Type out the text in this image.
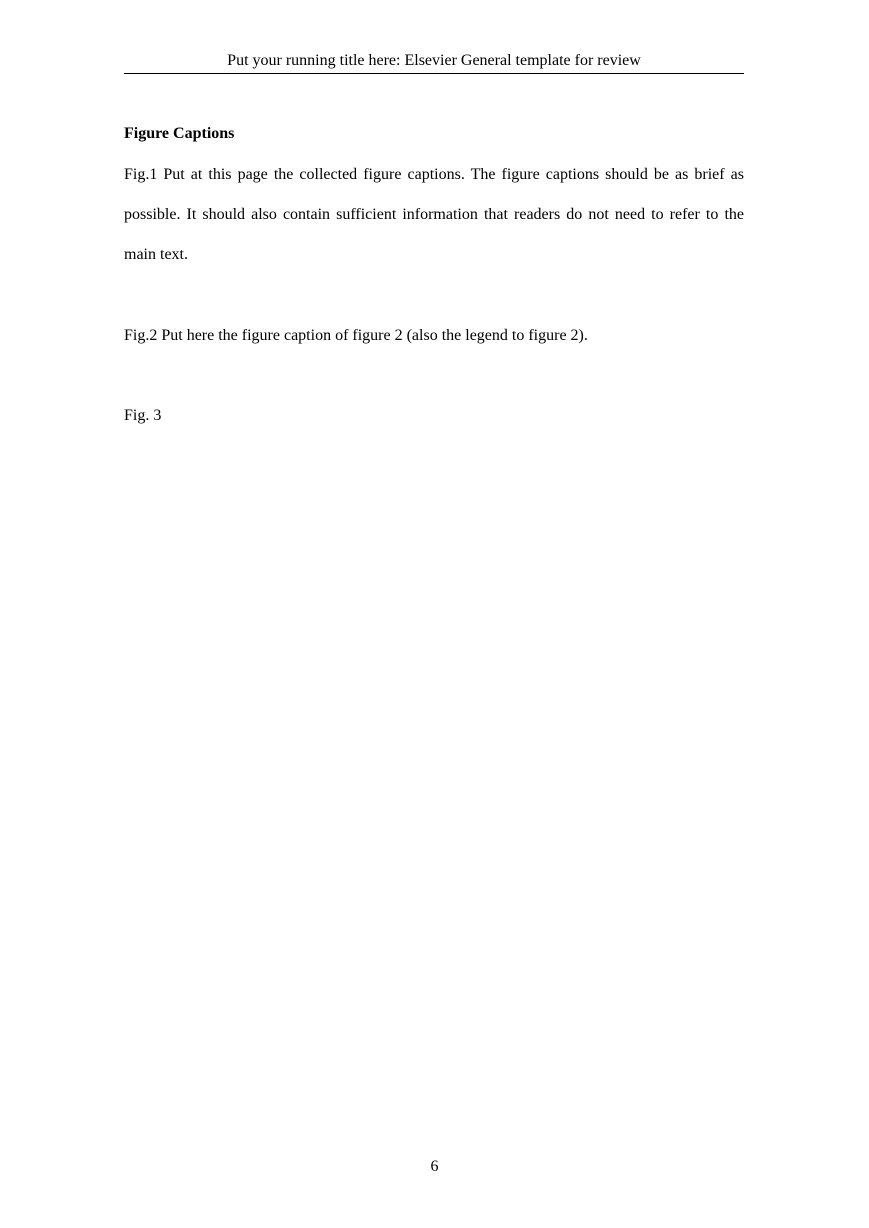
Put your running title here: Elsevier General template for review
Figure Captions

Fig.1 Put at this page the collected figure captions. The figure captions should be as brief as possible. It should also contain sufficient information that readers do not need to refer to the main text.

Fig.2 Put here the figure caption of figure 2 (also the legend to figure 2).

Fig. 3

6
